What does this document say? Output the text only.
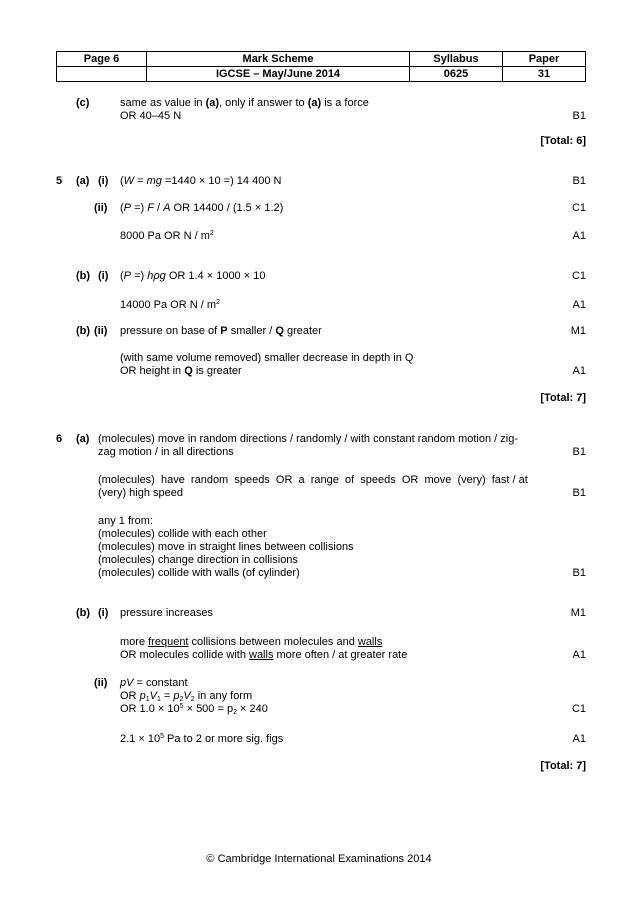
Page 6	Mark Scheme	Syllabus	Paper
	IGCSE – May/June 2014	0625	31
(c)	same as value in (a), only if answer to (a) is a force
OR 40–45 N	B1
[Total: 6]
5 (a) (i) (W = mg =1440 × 10 =) 14 400 N	B1
(ii) (P =) F / A OR 14400 / (1.5 × 1.2)	C1
8000 Pa OR N / $m^2$	A1
(b) (i) (P =) hρg OR 1.4 × 1000 × 10	C1
14000 Pa OR N / $m^2$	A1
(b) (ii) pressure on base of P smaller / Q greater	M1
(with same volume removed) smaller decrease in depth in Q
OR height in Q is greater	A1
[Total: 7]
6 (a) (molecules) move in random directions / randomly / with constant random motion / zig-
zag motion / in all directions	B1
(molecules)  have  random  speeds  OR  a  range  of  speeds  OR  move  (very)  fast / at
(very) high speed	B1
any 1 from:
(molecules) collide with each other
(molecules) move in straight lines between collisions
(molecules) change direction in collisions
(molecules) collide with walls (of cylinder)	B1
(b) (i) pressure increases	M1
more frequent collisions between molecules and walls
OR molecules collide with walls more often / at greater rate	A1
(ii) pV = constant
OR $p_1V_1 = p_2V_2$ in any form
OR $1.0 \times 10^5 \times 500 = p_2 \times 240$	C1
$2.1 \times 10^5$ Pa to 2 or more sig. figs	A1
[Total: 7]
© Cambridge International Examinations 2014
